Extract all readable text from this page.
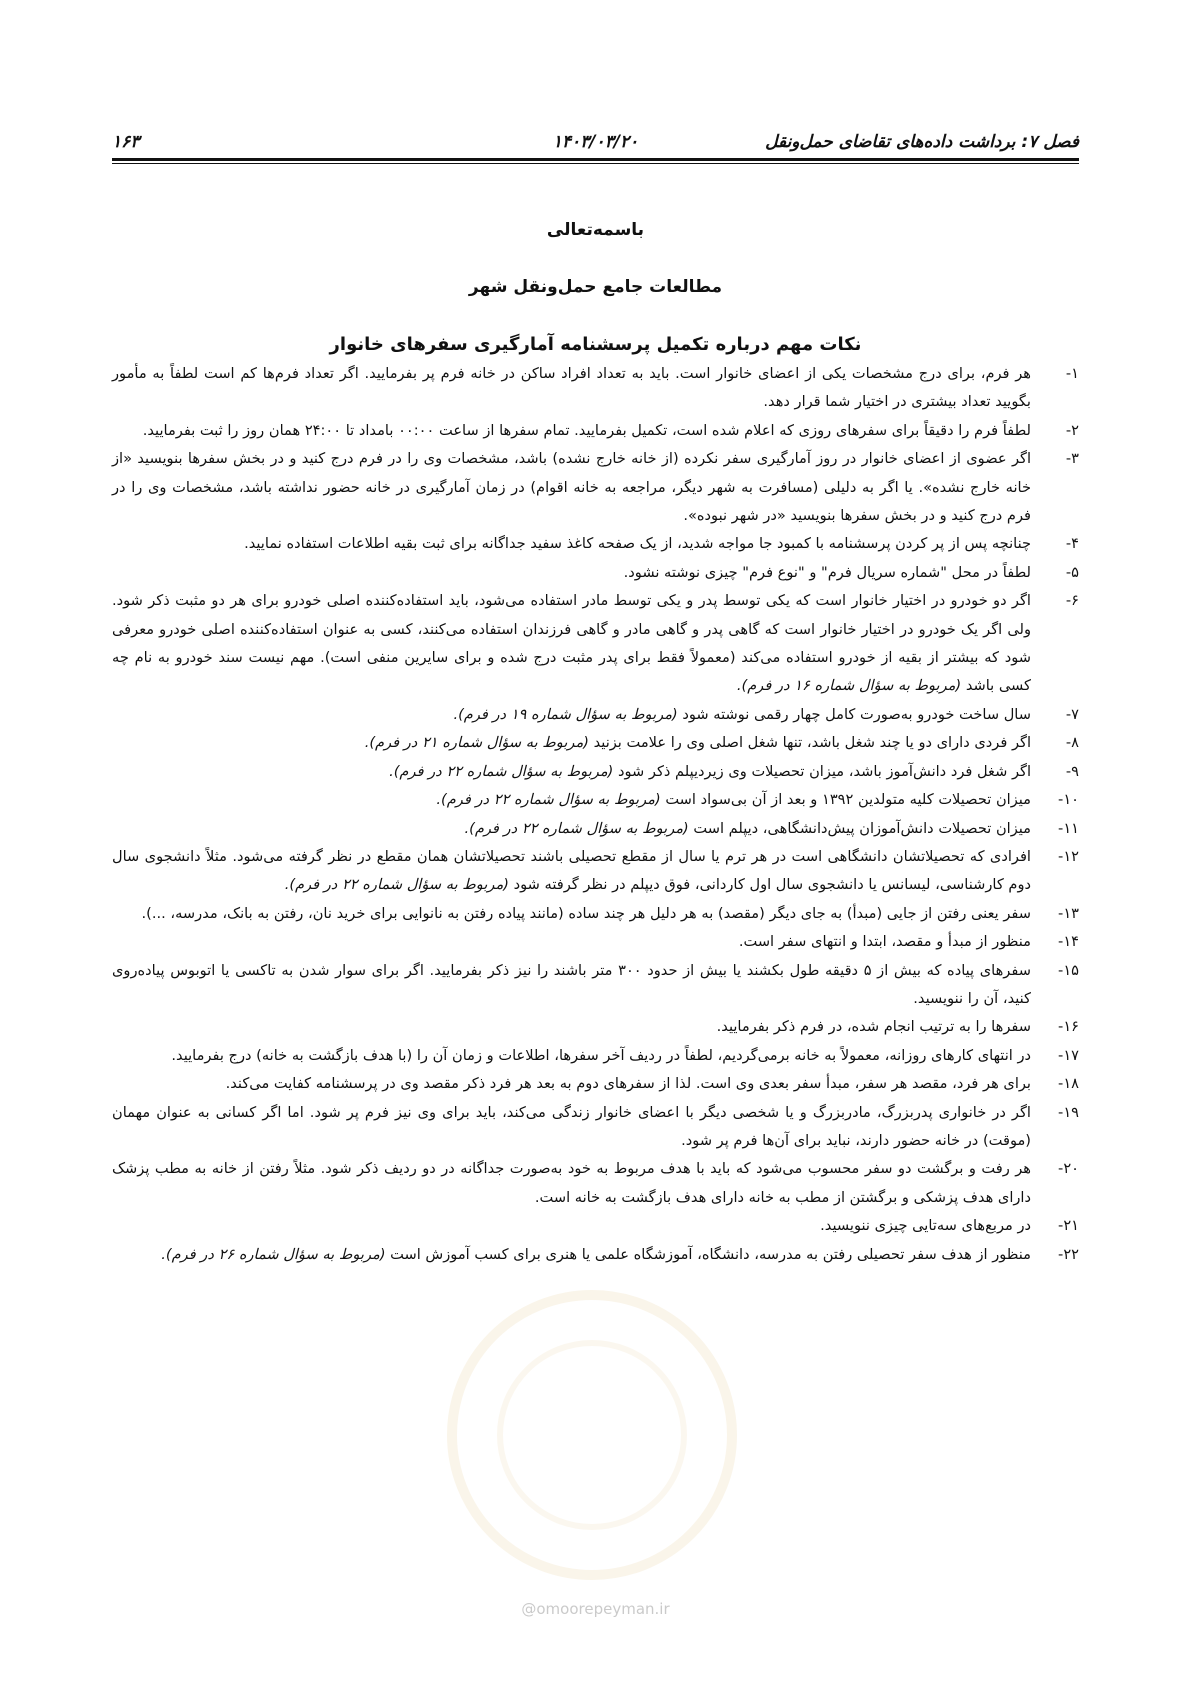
فصل ۷: برداشت داده‌های تقاضای حمل‌ونقل
۱۴۰۳/۰۳/۲۰
۱۶۳
باسمه‌تعالی
مطالعات جامع حمل‌ونقل شهر
نکات مهم درباره تکمیل پرسشنامه آمارگیری سفرهای خانوار
۱-
هر فرم، برای درج مشخصات یکی از اعضای خانوار است. باید به تعداد افراد ساکن در خانه فرم پر بفرمایید. اگر تعداد فرم‌ها کم است لطفاً به مأمور بگویید تعداد بیشتری در اختیار شما قرار دهد.
۲-
لطفاً فرم را دقیقاً برای سفرهای روزی که اعلام شده است، تکمیل بفرمایید. تمام سفرها از ساعت ۰۰:۰۰ بامداد تا ۲۴:۰۰ همان روز را ثبت بفرمایید.
۳-
اگر عضوی از اعضای خانوار در روز آمارگیری سفر نکرده (از خانه خارج نشده) باشد، مشخصات وی را در فرم درج کنید و در بخش سفرها بنویسید «از خانه خارج نشده». یا اگر به دلیلی (مسافرت به شهر دیگر، مراجعه به خانه اقوام) در زمان آمارگیری در خانه حضور نداشته باشد، مشخصات وی را در فرم درج کنید و در بخش سفرها بنویسید «در شهر نبوده».
۴-
چنانچه پس از پر کردن پرسشنامه با کمبود جا مواجه شدید، از یک صفحه کاغذ سفید جداگانه برای ثبت بقیه اطلاعات استفاده نمایید.
۵-
لطفاً در محل "شماره سریال فرم" و "نوع فرم" چیزی نوشته نشود.
۶-
اگر دو خودرو در اختیار خانوار است که یکی توسط پدر و یکی توسط مادر استفاده می‌شود، باید استفاده‌کننده اصلی خودرو برای هر دو مثبت ذکر شود. ولی اگر یک خودرو در اختیار خانوار است که گاهی پدر و گاهی مادر و گاهی فرزندان استفاده می‌کنند، کسی به عنوان استفاده‌کننده اصلی خودرو معرفی شود که بیشتر از بقیه از خودرو استفاده می‌کند (معمولاً فقط برای پدر مثبت درج شده و برای سایرین منفی است). مهم نیست سند خودرو به نام چه کسی باشد (مربوط به سؤال شماره ۱۶ در فرم).
۷-
سال ساخت خودرو به‌صورت کامل چهار رقمی نوشته شود (مربوط به سؤال شماره ۱۹ در فرم).
۸-
اگر فردی دارای دو یا چند شغل باشد، تنها شغل اصلی وی را علامت بزنید (مربوط به سؤال شماره ۲۱ در فرم).
۹-
اگر شغل فرد دانش‌آموز باشد، میزان تحصیلات وی زیردیپلم ذکر شود (مربوط به سؤال شماره ۲۲ در فرم).
۱۰-
میزان تحصیلات کلیه متولدین ۱۳۹۲ و بعد از آن بی‌سواد است (مربوط به سؤال شماره ۲۲ در فرم).
۱۱-
میزان تحصیلات دانش‌آموزان پیش‌دانشگاهی، دیپلم است (مربوط به سؤال شماره ۲۲ در فرم).
۱۲-
افرادی که تحصیلاتشان دانشگاهی است در هر ترم یا سال از مقطع تحصیلی باشند تحصیلاتشان همان مقطع در نظر گرفته می‌شود. مثلاً دانشجوی سال دوم کارشناسی، لیسانس یا دانشجوی سال اول کاردانی، فوق دیپلم در نظر گرفته شود (مربوط به سؤال شماره ۲۲ در فرم).
۱۳-
سفر یعنی رفتن از جایی (مبدأ) به جای دیگر (مقصد) به هر دلیل هر چند ساده (مانند پیاده رفتن به نانوایی برای خرید نان، رفتن به بانک، مدرسه، ...).
۱۴-
منظور از مبدأ و مقصد، ابتدا و انتهای سفر است.
۱۵-
سفرهای پیاده که بیش از ۵ دقیقه طول بکشند یا بیش از حدود ۳۰۰ متر باشند را نیز ذکر بفرمایید. اگر برای سوار شدن به تاکسی یا اتوبوس پیاده‌روی کنید، آن را ننویسید.
۱۶-
سفرها را به ترتیب انجام شده، در فرم ذکر بفرمایید.
۱۷-
در انتهای کارهای روزانه، معمولاً به خانه برمی‌گردیم، لطفاً در ردیف آخر سفرها، اطلاعات و زمان آن را (با هدف بازگشت به خانه) درج بفرمایید.
۱۸-
برای هر فرد، مقصد هر سفر، مبدأ سفر بعدی وی است. لذا از سفرهای دوم به بعد هر فرد ذکر مقصد وی در پرسشنامه کفایت می‌کند.
۱۹-
اگر در خانواری پدربزرگ، مادربزرگ و یا شخصی دیگر با اعضای خانوار زندگی می‌کند، باید برای وی نیز فرم پر شود. اما اگر کسانی به عنوان مهمان (موقت) در خانه حضور دارند، نباید برای آن‌ها فرم پر شود.
۲۰-
هر رفت و برگشت دو سفر محسوب می‌شود که باید با هدف مربوط به خود به‌صورت جداگانه در دو ردیف ذکر شود. مثلاً رفتن از خانه به مطب پزشک دارای هدف پزشکی و برگشتن از مطب به خانه دارای هدف بازگشت به خانه است.
۲۱-
در مربع‌های سه‌تایی چیزی ننویسید.
۲۲-
منظور از هدف سفر تحصیلی رفتن به مدرسه، دانشگاه، آموزشگاه علمی یا هنری برای کسب آموزش است (مربوط به سؤال شماره ۲۶ در فرم).
@omoorepeyman.ir
